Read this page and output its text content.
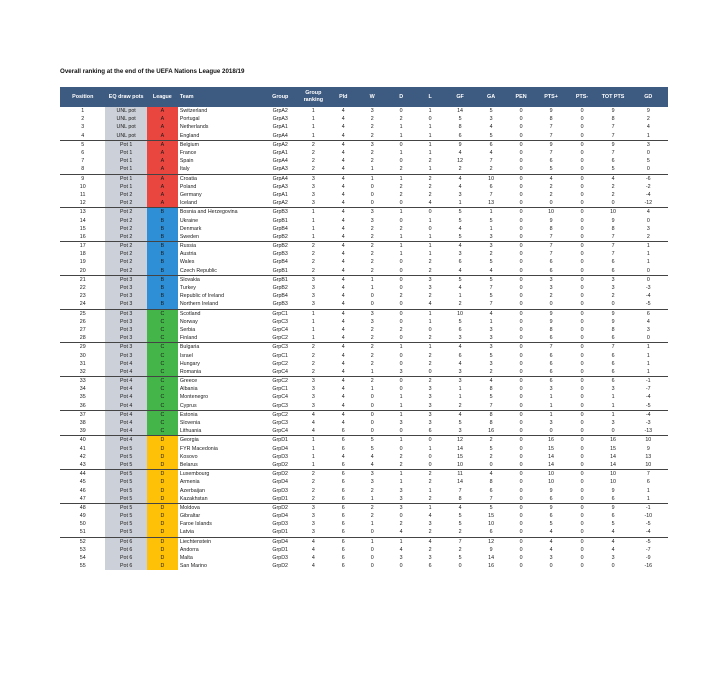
Overall ranking at the end of the UEFA Nations League 2018/19
Position	EQ draw pots	League	Team	Group	Group ranking	Pld	W	D	L	GF	GA	PEN	PTS+	PTS-	TOT PTS	GD
1	UNL pot	A	Switzerland	GrpA2	1	4	3	0	1	14	5	0	9	0	9	9
2	UNL pot	A	Portugal	GrpA3	1	4	2	2	0	5	3	0	8	0	8	2
3	UNL pot	A	Netherlands	GrpA1	1	4	2	1	1	8	4	0	7	0	7	4
4	UNL pot	A	England	GrpA4	1	4	2	1	1	6	5	0	7	0	7	1
5	Pot 1	A	Belgium	GrpA2	2	4	3	0	1	9	6	0	9	0	9	3
6	Pot 1	A	France	GrpA1	2	4	2	1	1	4	4	0	7	0	7	0
7	Pot 1	A	Spain	GrpA4	2	4	2	0	2	12	7	0	6	0	6	5
8	Pot 1	A	Italy	GrpA3	2	4	1	2	1	2	2	0	5	0	5	0
9	Pot 1	A	Croatia	GrpA4	3	4	1	1	2	4	10	0	4	0	4	-6
10	Pot 1	A	Poland	GrpA3	3	4	0	2	2	4	6	0	2	0	2	-2
11	Pot 2	A	Germany	GrpA1	3	4	0	2	2	3	7	0	2	0	2	-4
12	Pot 2	A	Iceland	GrpA2	3	4	0	0	4	1	13	0	0	0	0	-12
13	Pot 2	B	Bosnia and Herzegovina	GrpB3	1	4	3	1	0	5	1	0	10	0	10	4
14	Pot 2	B	Ukraine	GrpB1	1	4	3	0	1	5	5	0	9	0	9	0
15	Pot 2	B	Denmark	GrpB4	1	4	2	2	0	4	1	0	8	0	8	3
16	Pot 2	B	Sweden	GrpB2	1	4	2	1	1	5	3	0	7	0	7	2
17	Pot 2	B	Russia	GrpB2	2	4	2	1	1	4	3	0	7	0	7	1
18	Pot 2	B	Austria	GrpB3	2	4	2	1	1	3	2	0	7	0	7	1
19	Pot 2	B	Wales	GrpB4	2	4	2	0	2	6	5	0	6	0	6	1
20	Pot 2	B	Czech Republic	GrpB1	2	4	2	0	2	4	4	0	6	0	6	0
21	Pot 3	B	Slovakia	GrpB1	3	4	1	0	3	5	5	0	3	0	3	0
22	Pot 3	B	Turkey	GrpB2	3	4	1	0	3	4	7	0	3	0	3	-3
23	Pot 3	B	Republic of Ireland	GrpB4	3	4	0	2	2	1	5	0	2	0	2	-4
24	Pot 3	B	Northern Ireland	GrpB3	3	4	0	0	4	2	7	0	0	0	0	-5
25	Pot 3	C	Scotland	GrpC1	1	4	3	0	1	10	4	0	9	0	9	6
26	Pot 3	C	Norway	GrpC3	1	4	3	0	1	5	1	0	9	0	9	4
27	Pot 3	C	Serbia	GrpC4	1	4	2	2	0	6	3	0	8	0	8	3
28	Pot 3	C	Finland	GrpC2	1	4	2	0	2	3	3	0	6	0	6	0
29	Pot 3	C	Bulgaria	GrpC3	2	4	2	1	1	4	3	0	7	0	7	1
30	Pot 3	C	Israel	GrpC1	2	4	2	0	2	6	5	0	6	0	6	1
31	Pot 4	C	Hungary	GrpC2	2	4	2	0	2	4	3	0	6	0	6	1
32	Pot 4	C	Romania	GrpC4	2	4	1	3	0	3	2	0	6	0	6	1
33	Pot 4	C	Greece	GrpC2	3	4	2	0	2	3	4	0	6	0	6	-1
34	Pot 4	C	Albania	GrpC1	3	4	1	0	3	1	8	0	3	0	3	-7
35	Pot 4	C	Montenegro	GrpC4	3	4	0	1	3	1	5	0	1	0	1	-4
36	Pot 4	C	Cyprus	GrpC3	3	4	0	1	3	2	7	0	1	0	1	-5
37	Pot 4	C	Estonia	GrpC2	4	4	0	1	3	4	8	0	1	0	1	-4
38	Pot 4	C	Slovenia	GrpC3	4	4	0	3	3	5	8	0	3	0	3	-3
39	Pot 4	C	Lithuania	GrpC4	4	6	0	0	6	3	16	0	0	0	0	-13
40	Pot 4	D	Georgia	GrpD1	1	6	5	1	0	12	2	0	16	0	16	10
41	Pot 5	D	FYR Macedonia	GrpD4	1	6	5	0	1	14	5	0	15	0	15	9
42	Pot 5	D	Kosovo	GrpD3	1	4	4	2	0	15	2	0	14	0	14	13
43	Pot 5	D	Belarus	GrpD2	1	6	4	2	0	10	0	0	14	0	14	10
44	Pot 5	D	Luxembourg	GrpD2	2	6	3	1	2	11	4	0	10	0	10	7
45	Pot 5	D	Armenia	GrpD4	2	6	3	1	2	14	8	0	10	0	10	6
46	Pot 5	D	Azerbaijan	GrpD3	2	6	2	3	1	7	6	0	9	0	9	1
47	Pot 5	D	Kazakhstan	GrpD1	2	6	1	3	2	8	7	0	6	0	6	1
48	Pot 5	D	Moldova	GrpD2	3	6	2	3	1	4	5	0	9	0	9	-1
49	Pot 5	D	Gibraltar	GrpD4	3	6	2	0	4	5	15	0	6	0	6	-10
50	Pot 5	D	Faroe Islands	GrpD3	3	6	1	2	3	5	10	0	5	0	5	-5
51	Pot 5	D	Latvia	GrpD1	3	6	0	4	2	2	6	0	4	0	4	-4
52	Pot 6	D	Liechtenstein	GrpD4	4	6	1	1	4	7	12	0	4	0	4	-5
53	Pot 6	D	Andorra	GrpD1	4	6	0	4	2	2	9	0	4	0	4	-7
54	Pot 6	D	Malta	GrpD3	4	6	0	3	3	5	14	0	3	0	3	-9
55	Pot 6	D	San Marino	GrpD2	4	6	0	0	6	0	16	0	0	0	0	-16
